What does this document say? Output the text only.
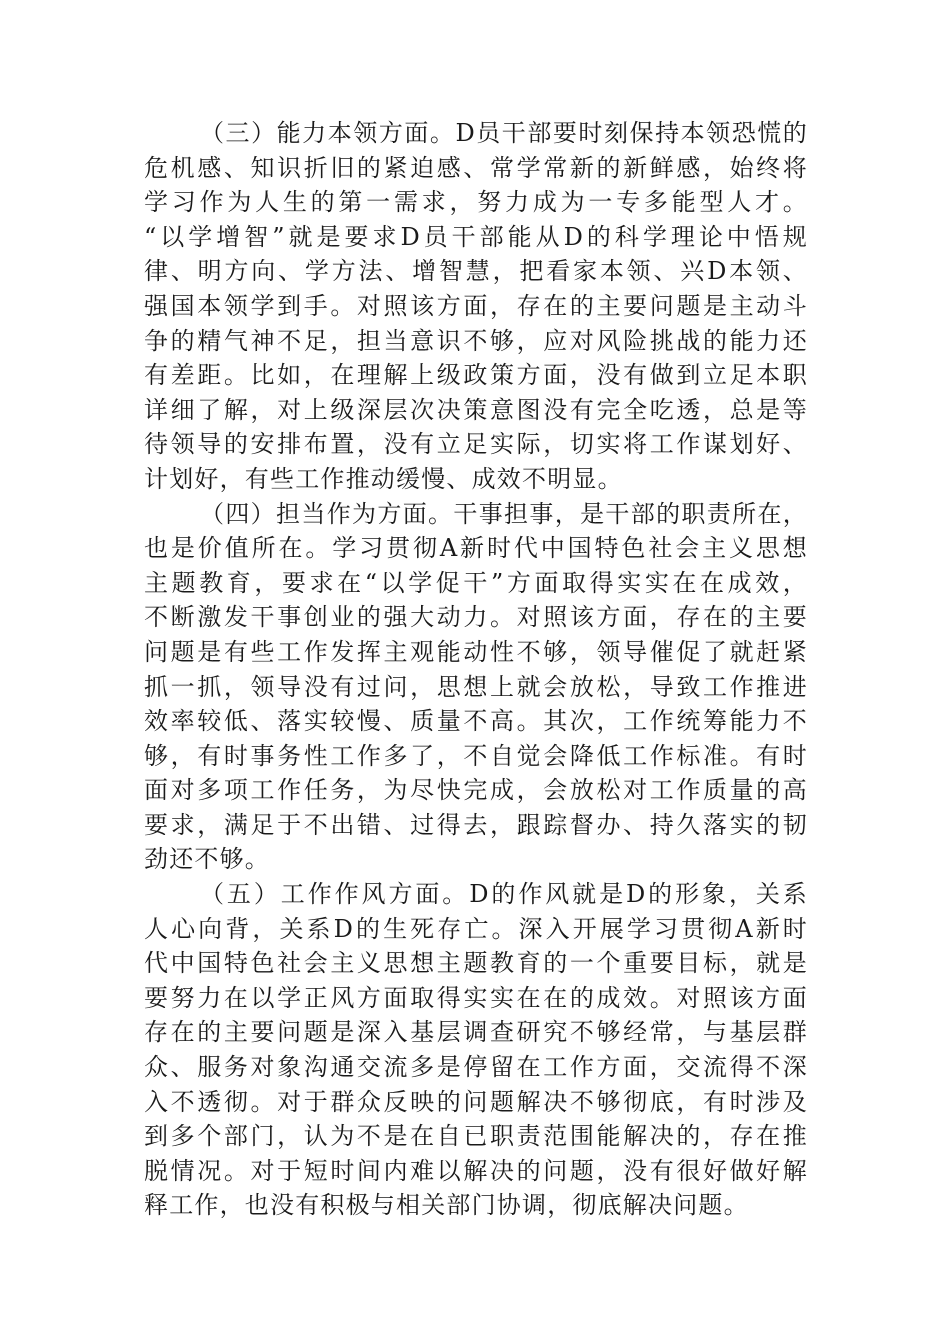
（三）能力本领方面。D员干部要时刻保持本领恐慌的
危机感、知识折旧的紧迫感、常学常新的新鲜感，始终将
学习作为人生的第一需求，努力成为一专多能型人才。
“以学增智”就是要求D员干部能从D的科学理论中悟规
律、明方向、学方法、增智慧，把看家本领、兴D本领、
强国本领学到手。对照该方面，存在的主要问题是主动斗
争的精气神不足，担当意识不够，应对风险挑战的能力还
有差距。比如，在理解上级政策方面，没有做到立足本职
详细了解，对上级深层次决策意图没有完全吃透，总是等
待领导的安排布置，没有立足实际，切实将工作谋划好、
计划好，有些工作推动缓慢、成效不明显。
（四）担当作为方面。干事担事，是干部的职责所在，
也是价值所在。学习贯彻A新时代中国特色社会主义思想
主题教育，要求在“以学促干”方面取得实实在在成效，
不断激发干事创业的强大动力。对照该方面，存在的主要
问题是有些工作发挥主观能动性不够，领导催促了就赶紧
抓一抓，领导没有过问，思想上就会放松，导致工作推进
效率较低、落实较慢、质量不高。其次，工作统筹能力不
够，有时事务性工作多了，不自觉会降低工作标准。有时
面对多项工作任务，为尽快完成，会放松对工作质量的高
要求，满足于不出错、过得去，跟踪督办、持久落实的韧
劲还不够。
（五）工作作风方面。D的作风就是D的形象，关系
人心向背，关系D的生死存亡。深入开展学习贯彻A新时
代中国特色社会主义思想主题教育的一个重要目标，就是
要努力在以学正风方面取得实实在在的成效。对照该方面
存在的主要问题是深入基层调查研究不够经常，与基层群
众、服务对象沟通交流多是停留在工作方面，交流得不深
入不透彻。对于群众反映的问题解决不够彻底，有时涉及
到多个部门，认为不是在自已职责范围能解决的，存在推
脱情况。对于短时间内难以解决的问题，没有很好做好解
释工作，也没有积极与相关部门协调，彻底解决问题。
